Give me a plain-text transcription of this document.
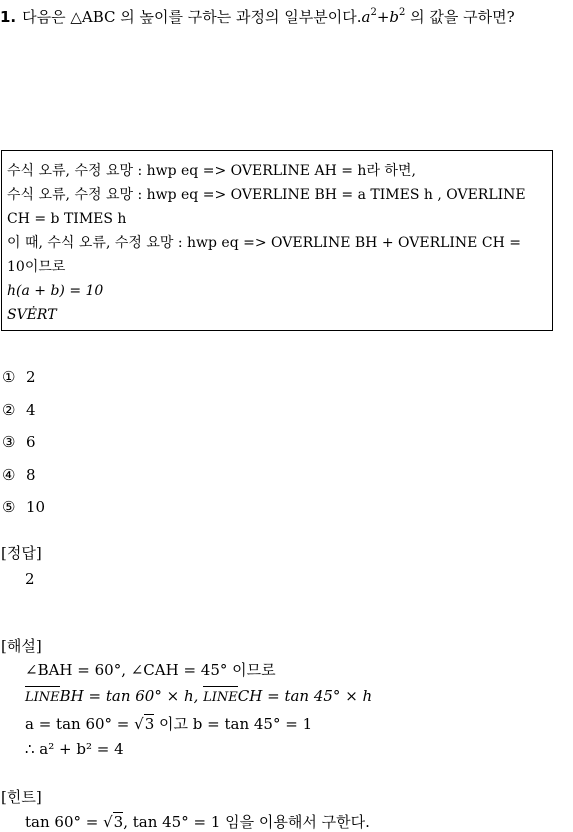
1. 다음은 △ABC 의 높이를 구하는 과정의 일부분이다$.a^2+b^2$ 의 값을 구하면?
수식 오류, 수정 요망 : hwp eq => OVERLINE AH = h라 하면,
수식 오류, 수정 요망 : hwp eq => OVERLINE BH = a TIMES h , OVERLINE
CH = b TIMES h
이 때, 수식 오류, 수정 요망 : hwp eq => OVERLINE BH + OVERLINE CH =
10이므로
h(a + b) = 10
SVĖRT
① 2
② 4
③ 6
④ 8
⑤ 10
[정답]
2
[해설]
∠BAH = 60°, ∠CAH = 45° 이므로
LINEBH = tan 60° × h, LINECH = tan 45° × h
a = tan 60° = √3 이고 b = tan 45° = 1
∴ a² + b² = 4
[힌트]
tan 60° = √3, tan 45° = 1 임을 이용해서 구한다.
